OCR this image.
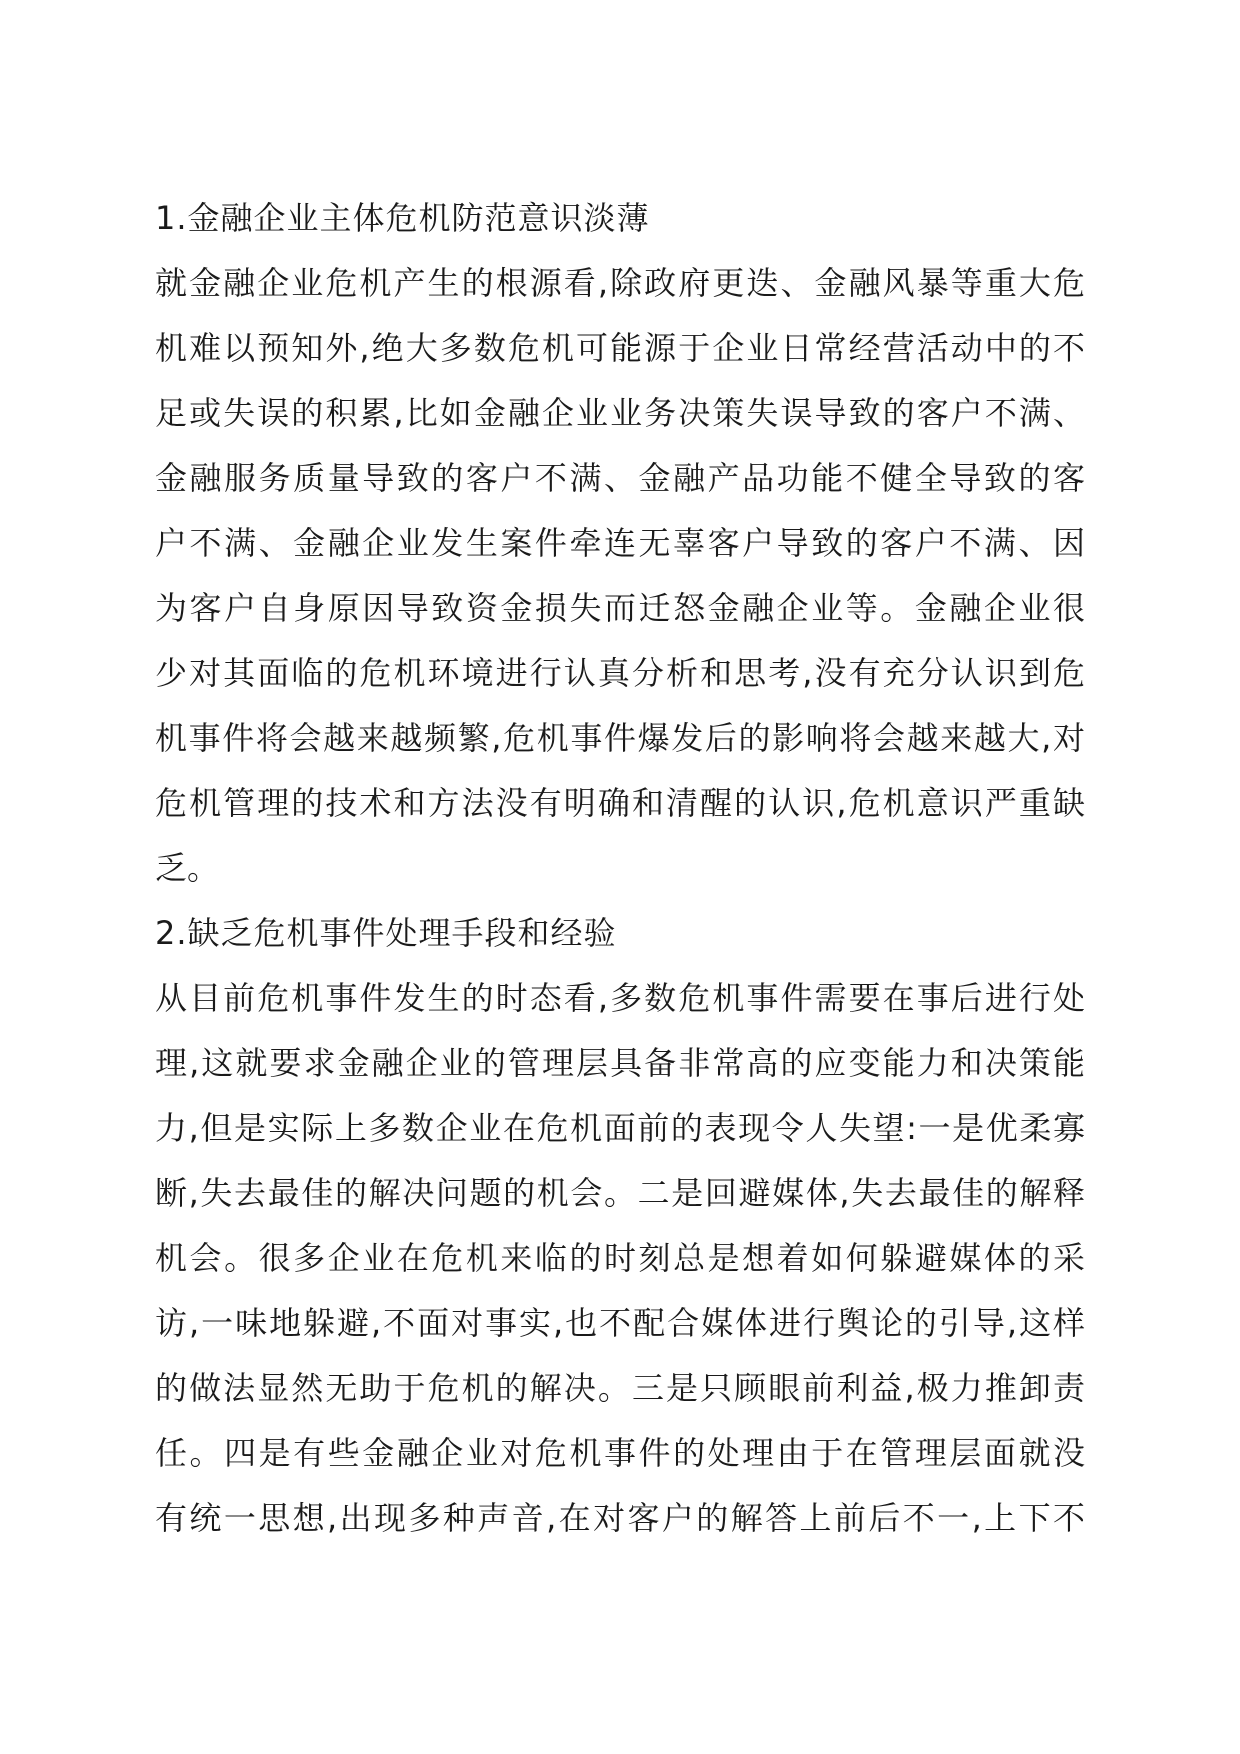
1.金融企业主体危机防范意识淡薄
就金融企业危机产生的根源看,除政府更迭、金融风暴等重大危
机难以预知外,绝大多数危机可能源于企业日常经营活动中的不
足或失误的积累,比如金融企业业务决策失误导致的客户不满、
金融服务质量导致的客户不满、金融产品功能不健全导致的客
户不满、金融企业发生案件牵连无辜客户导致的客户不满、因
为客户自身原因导致资金损失而迁怒金融企业等。金融企业很
少对其面临的危机环境进行认真分析和思考,没有充分认识到危
机事件将会越来越频繁,危机事件爆发后的影响将会越来越大,对
危机管理的技术和方法没有明确和清醒的认识,危机意识严重缺
乏。
2.缺乏危机事件处理手段和经验
从目前危机事件发生的时态看,多数危机事件需要在事后进行处
理,这就要求金融企业的管理层具备非常高的应变能力和决策能
力,但是实际上多数企业在危机面前的表现令人失望:一是优柔寡
断,失去最佳的解决问题的机会。二是回避媒体,失去最佳的解释
机会。很多企业在危机来临的时刻总是想着如何躲避媒体的采
访,一味地躲避,不面对事实,也不配合媒体进行舆论的引导,这样
的做法显然无助于危机的解决。三是只顾眼前利益,极力推卸责
任。四是有些金融企业对危机事件的处理由于在管理层面就没
有统一思想,出现多种声音,在对客户的解答上前后不一,上下不
